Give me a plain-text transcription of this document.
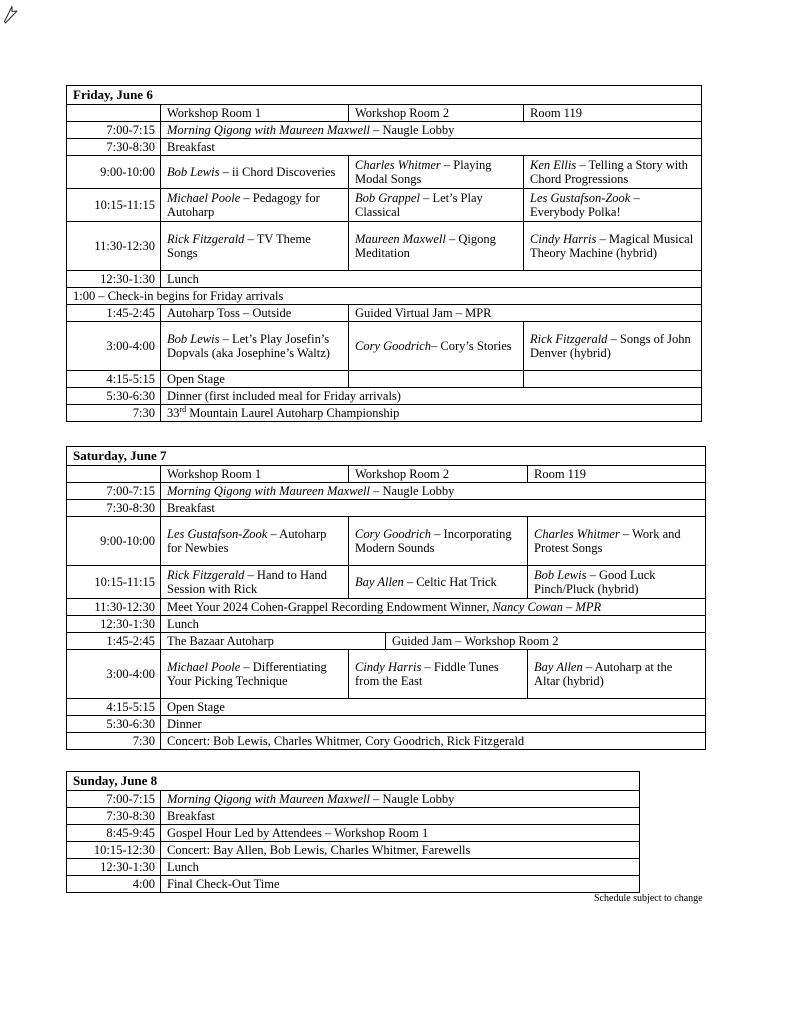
Friday, June 6			
	Workshop Room 1	Workshop Room 2	Room 119
7:00-7:15	Morning Qigong with Maureen Maxwell – Naugle Lobby		
7:30-8:30	Breakfast		
9:00-10:00	Bob Lewis – ii Chord Discoveries	Charles Whitmer – Playing Modal Songs	Ken Ellis – Telling a Story with Chord Progressions
10:15-11:15	Michael Poole – Pedagogy for Autoharp	Bob Grappel – Let’s Play Classical	Les Gustafson-Zook – Everybody Polka!
11:30-12:30	Rick Fitzgerald – TV Theme Songs	Maureen Maxwell – Qigong Meditation	Cindy Harris – Magical Musical Theory Machine (hybrid)
12:30-1:30	Lunch		
1:00 – Check-in begins for Friday arrivals			
1:45-2:45	Autoharp Toss – Outside	Guided Virtual Jam – MPR	
3:00-4:00	Bob Lewis – Let’s Play Josefin’s Dopvals (aka Josephine’s Waltz)	Cory Goodrich– Cory’s Stories	Rick Fitzgerald – Songs of John Denver (hybrid)
4:15-5:15	Open Stage		
5:30-6:30	Dinner (first included meal for Friday arrivals)		
7:30	33rd Mountain Laurel Autoharp Championship		
Saturday, June 7				
	Workshop Room 1	Workshop Room 2		Room 119
7:00-7:15	Morning Qigong with Maureen Maxwell – Naugle Lobby			
7:30-8:30	Breakfast			
9:00-10:00	Les Gustafson-Zook – Autoharp for Newbies	Cory Goodrich – Incorporating Modern Sounds		Charles Whitmer – Work and Protest Songs
10:15-11:15	Rick Fitzgerald – Hand to Hand Session with Rick	Bay Allen – Celtic Hat Trick		Bob Lewis – Good Luck Pinch/Pluck (hybrid)
11:30-12:30	Meet Your 2024 Cohen-Grappel Recording Endowment Winner, Nancy Cowan – MPR			
12:30-1:30	Lunch			
1:45-2:45	The Bazaar Autoharp		Guided Jam – Workshop Room 2	
3:00-4:00	Michael Poole – Differentiating Your Picking Technique	Cindy Harris – Fiddle Tunes from the East		Bay Allen – Autoharp at the Altar (hybrid)
4:15-5:15	Open Stage			
5:30-6:30	Dinner			
7:30	Concert: Bob Lewis, Charles Whitmer, Cory Goodrich, Rick Fitzgerald			
Sunday, June 8	
7:00-7:15	Morning Qigong with Maureen Maxwell – Naugle Lobby
7:30-8:30	Breakfast
8:45-9:45	Gospel Hour Led by Attendees – Workshop Room 1
10:15-12:30	Concert: Bay Allen, Bob Lewis, Charles Whitmer, Farewells
12:30-1:30	Lunch
4:00	Final Check-Out Time
Schedule subject to change
